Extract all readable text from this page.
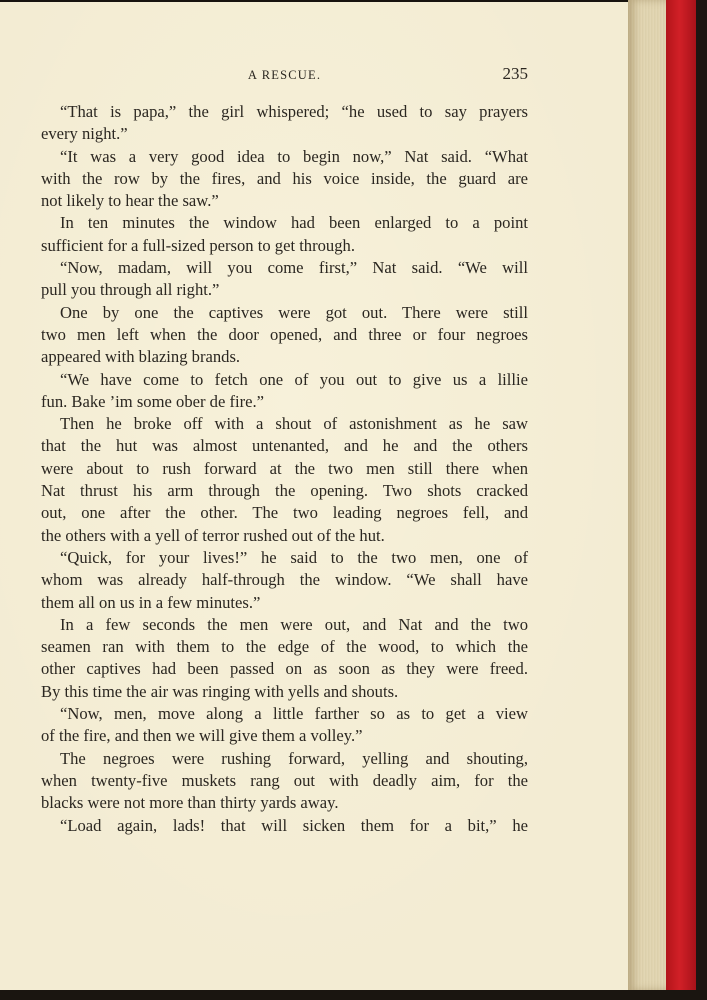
A RESCUE.	235
“That is papa,” the girl whispered; “he used to say prayers
every night.”
“It was a very good idea to begin now,” Nat said. “What
with the row by the fires, and his voice inside, the guard are
not likely to hear the saw.”
In ten minutes the window had been enlarged to a point
sufficient for a full-sized person to get through.
“Now, madam, will you come first,” Nat said. “We will
pull you through all right.”
One by one the captives were got out. There were still
two men left when the door opened, and three or four negroes
appeared with blazing brands.
“We have come to fetch one of you out to give us a lillie
fun. Bake ’im some ober de fire.”
Then he broke off with a shout of astonishment as he saw
that the hut was almost untenanted, and he and the others
were about to rush forward at the two men still there when
Nat thrust his arm through the opening. Two shots cracked
out, one after the other. The two leading negroes fell, and
the others with a yell of terror rushed out of the hut.
“Quick, for your lives!” he said to the two men, one of
whom was already half-through the window. “We shall have
them all on us in a few minutes.”
In a few seconds the men were out, and Nat and the two
seamen ran with them to the edge of the wood, to which the
other captives had been passed on as soon as they were freed.
By this time the air was ringing with yells and shouts.
“Now, men, move along a little farther so as to get a view
of the fire, and then we will give them a volley.”
The negroes were rushing forward, yelling and shouting,
when twenty-five muskets rang out with deadly aim, for the
blacks were not more than thirty yards away.
“Load again, lads! that will sicken them for a bit,” he
